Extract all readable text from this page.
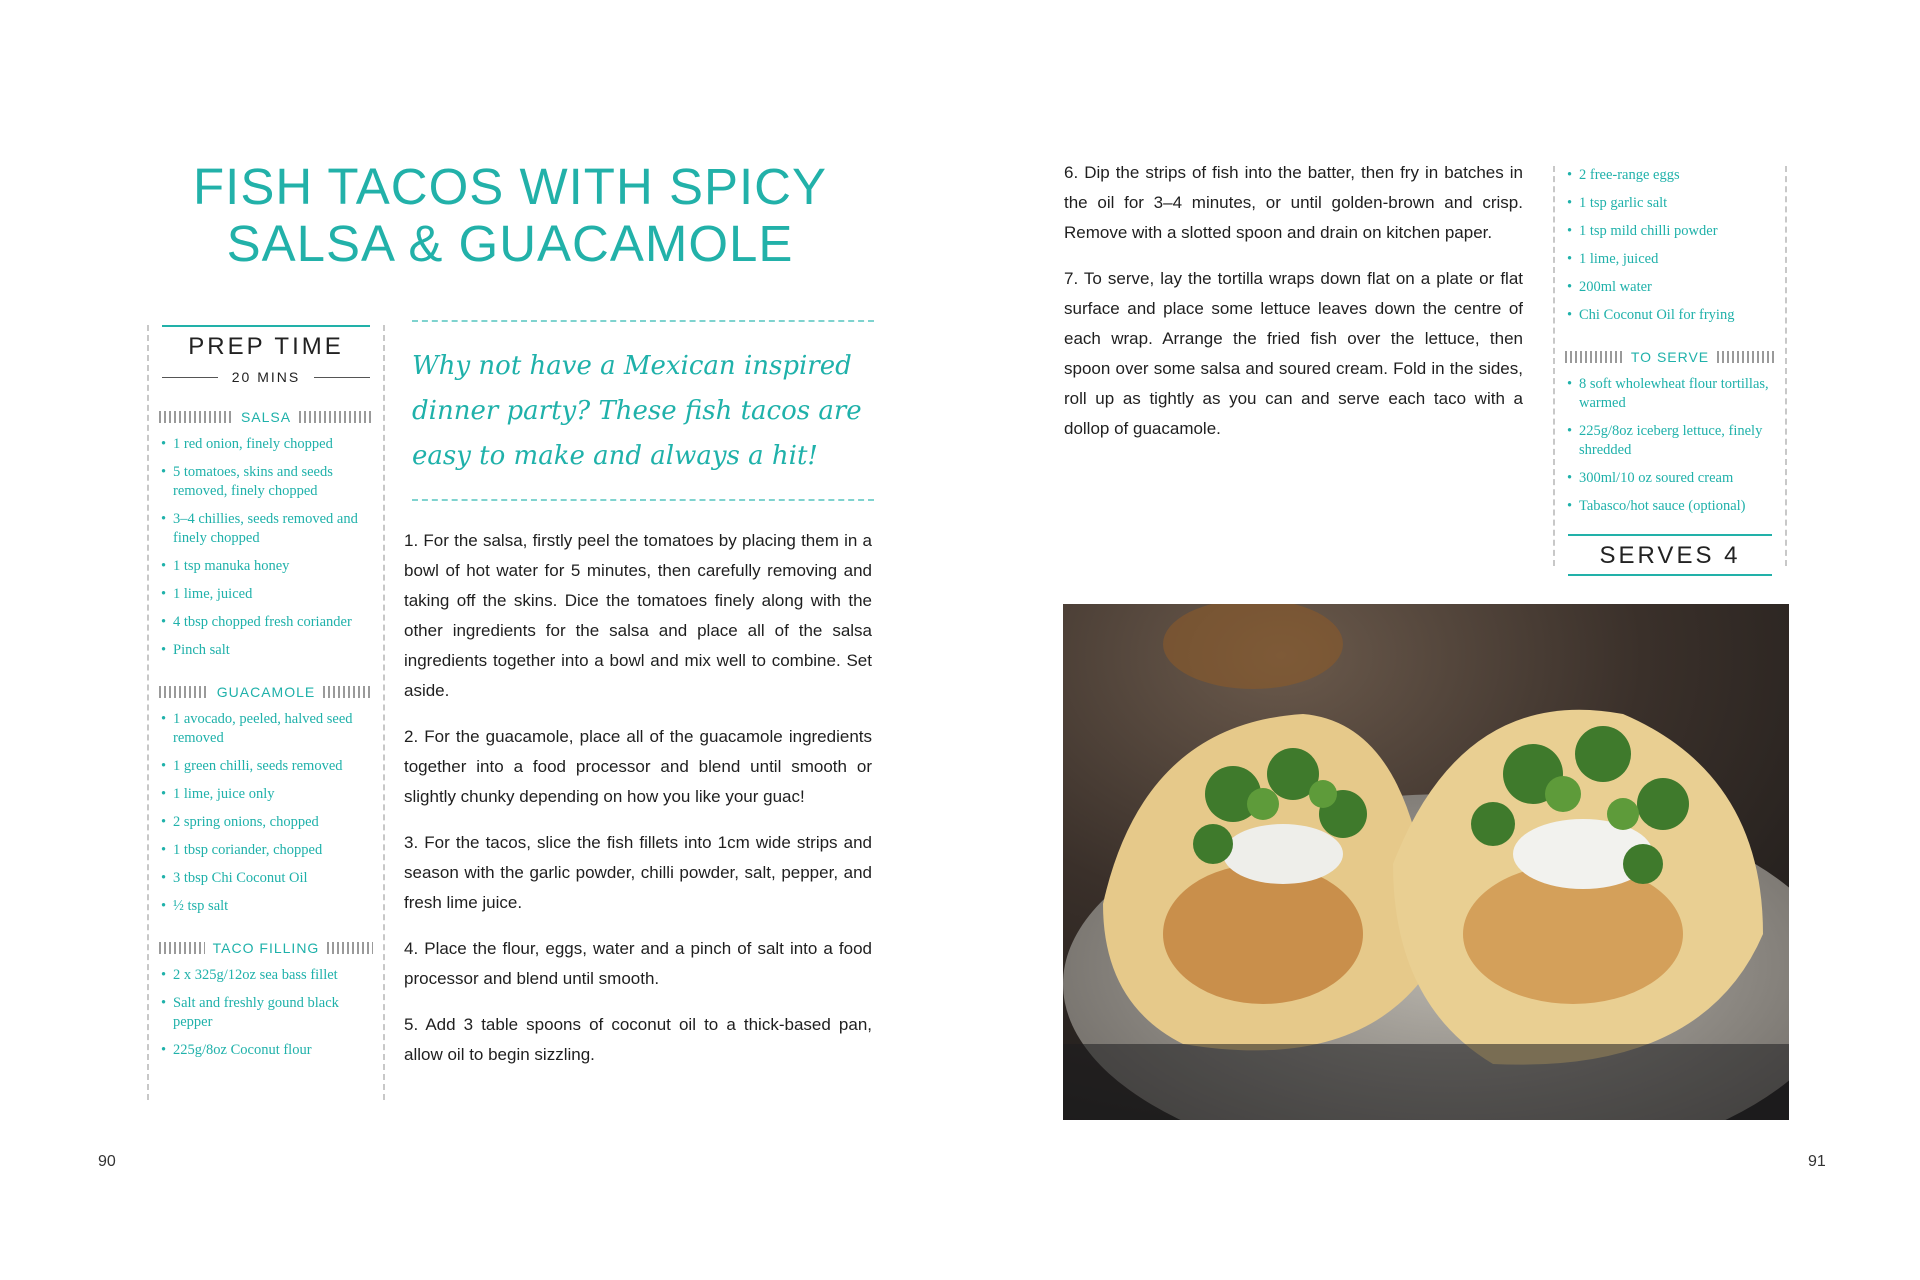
FISH TACOS WITH SPICY
SALSA & GUACAMOLE
PREP TIME
20 MINS
SALSA
• 1 red onion, finely chopped
• 5 tomatoes, skins and seeds removed, finely chopped
• 3–4 chillies, seeds removed and finely chopped
• 1 tsp manuka honey
• 1 lime, juiced
• 4 tbsp chopped fresh coriander
• Pinch salt
GUACAMOLE
• 1 avocado, peeled, halved seed removed
• 1 green chilli, seeds removed
• 1 lime, juice only
• 2 spring onions, chopped
• 1 tbsp coriander, chopped
• 3 tbsp Chi Coconut Oil
• ½ tsp salt
TACO FILLING
• 2 x 325g/12oz sea bass fillet
• Salt and freshly gound black pepper
• 225g/8oz Coconut flour
Why not have a Mexican inspired dinner party? These fish tacos are easy to make and always a hit!

1. For the salsa, firstly peel the tomatoes by placing them in a bowl of hot water for 5 minutes, then carefully removing and taking off the skins. Dice the tomatoes finely along with the other ingredients for the salsa and place all of the salsa ingredients together into a bowl and mix well to combine. Set aside.

2. For the guacamole, place all of the guacamole ingredients together into a food processor and blend until smooth or slightly chunky depending on how you like your guac!

3. For the tacos, slice the fish fillets into 1cm wide strips and season with the garlic powder, chilli powder, salt, pepper, and fresh lime juice.

4. Place the flour, eggs, water and a pinch of salt into a food processor and blend until smooth.

5. Add 3 table spoons of coconut oil to a thick-based pan, allow oil to begin sizzling.

6. Dip the strips of fish into the batter, then fry in batches in the oil for 3–4 minutes, or until golden-brown and crisp. Remove with a slotted spoon and drain on kitchen paper.

7. To serve, lay the tortilla wraps down flat on a plate or flat surface and place some lettuce leaves down the centre of each wrap. Arrange the fried fish over the lettuce, then spoon over some salsa and soured cream. Fold in the sides, roll up as tightly as you can and serve each taco with a dollop of guacamole.

• 2 free-range eggs
• 1 tsp garlic salt
• 1 tsp mild chilli powder
• 1 lime, juiced
• 200ml water
• Chi Coconut Oil for frying
TO SERVE
• 8 soft wholewheat flour tortillas, warmed
• 225g/8oz iceberg lettuce, finely shredded
• 300ml/10 oz soured cream
• Tabasco/hot sauce (optional)
SERVES 4
90	91
